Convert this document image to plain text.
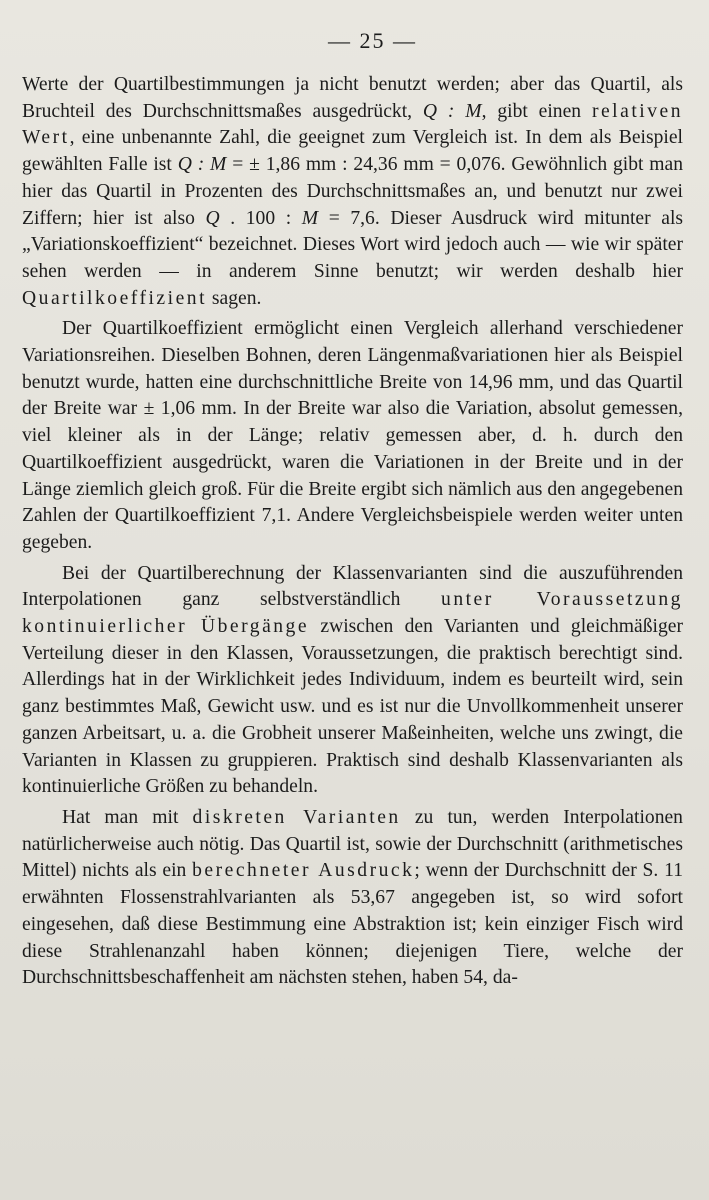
— 25 —

Werte der Quartilbestimmungen ja nicht benutzt werden; aber das Quartil, als Bruchteil des Durchschnittsmaßes ausgedrückt, Q : M, gibt einen relativen Wert, eine unbenannte Zahl, die geeignet zum Vergleich ist. In dem als Beispiel gewählten Falle ist Q : M = ± 1,86 mm : 24,36 mm = 0,076. Gewöhnlich gibt man hier das Quartil in Prozenten des Durchschnittsmaßes an, und benutzt nur zwei Ziffern; hier ist also Q . 100 : M = 7,6. Dieser Ausdruck wird mitunter als „Variationskoeffizient“ bezeichnet. Dieses Wort wird jedoch auch — wie wir später sehen werden — in anderem Sinne benutzt; wir werden deshalb hier Quartilkoeffizient sagen.

Der Quartilkoeffizient ermöglicht einen Vergleich allerhand verschiedener Variationsreihen. Dieselben Bohnen, deren Längenmaßvariationen hier als Beispiel benutzt wurde, hatten eine durchschnittliche Breite von 14,96 mm, und das Quartil der Breite war ± 1,06 mm. In der Breite war also die Variation, absolut gemessen, viel kleiner als in der Länge; relativ gemessen aber, d. h. durch den Quartilkoeffizient ausgedrückt, waren die Variationen in der Breite und in der Länge ziemlich gleich groß. Für die Breite ergibt sich nämlich aus den angegebenen Zahlen der Quartilkoeffizient 7,1. Andere Vergleichsbeispiele werden weiter unten gegeben.

Bei der Quartilberechnung der Klassenvarianten sind die auszuführenden Interpolationen ganz selbstverständlich unter Voraussetzung kontinuierlicher Übergänge zwischen den Varianten und gleichmäßiger Verteilung dieser in den Klassen, Voraussetzungen, die praktisch berechtigt sind. Allerdings hat in der Wirklichkeit jedes Individuum, indem es beurteilt wird, sein ganz bestimmtes Maß, Gewicht usw. und es ist nur die Unvollkommenheit unserer ganzen Arbeitsart, u. a. die Grobheit unserer Maßeinheiten, welche uns zwingt, die Varianten in Klassen zu gruppieren. Praktisch sind deshalb Klassenvarianten als kontinuierliche Größen zu behandeln.

Hat man mit diskreten Varianten zu tun, werden Interpolationen natürlicherweise auch nötig. Das Quartil ist, sowie der Durchschnitt (arithmetisches Mittel) nichts als ein berechneter Ausdruck; wenn der Durchschnitt der S. 11 erwähnten Flossenstrahlvarianten als 53,67 angegeben ist, so wird sofort eingesehen, daß diese Bestimmung eine Abstraktion ist; kein einziger Fisch wird diese Strahlenanzahl haben können; diejenigen Tiere, welche der Durchschnittsbeschaffenheit am nächsten stehen, haben 54, da-
